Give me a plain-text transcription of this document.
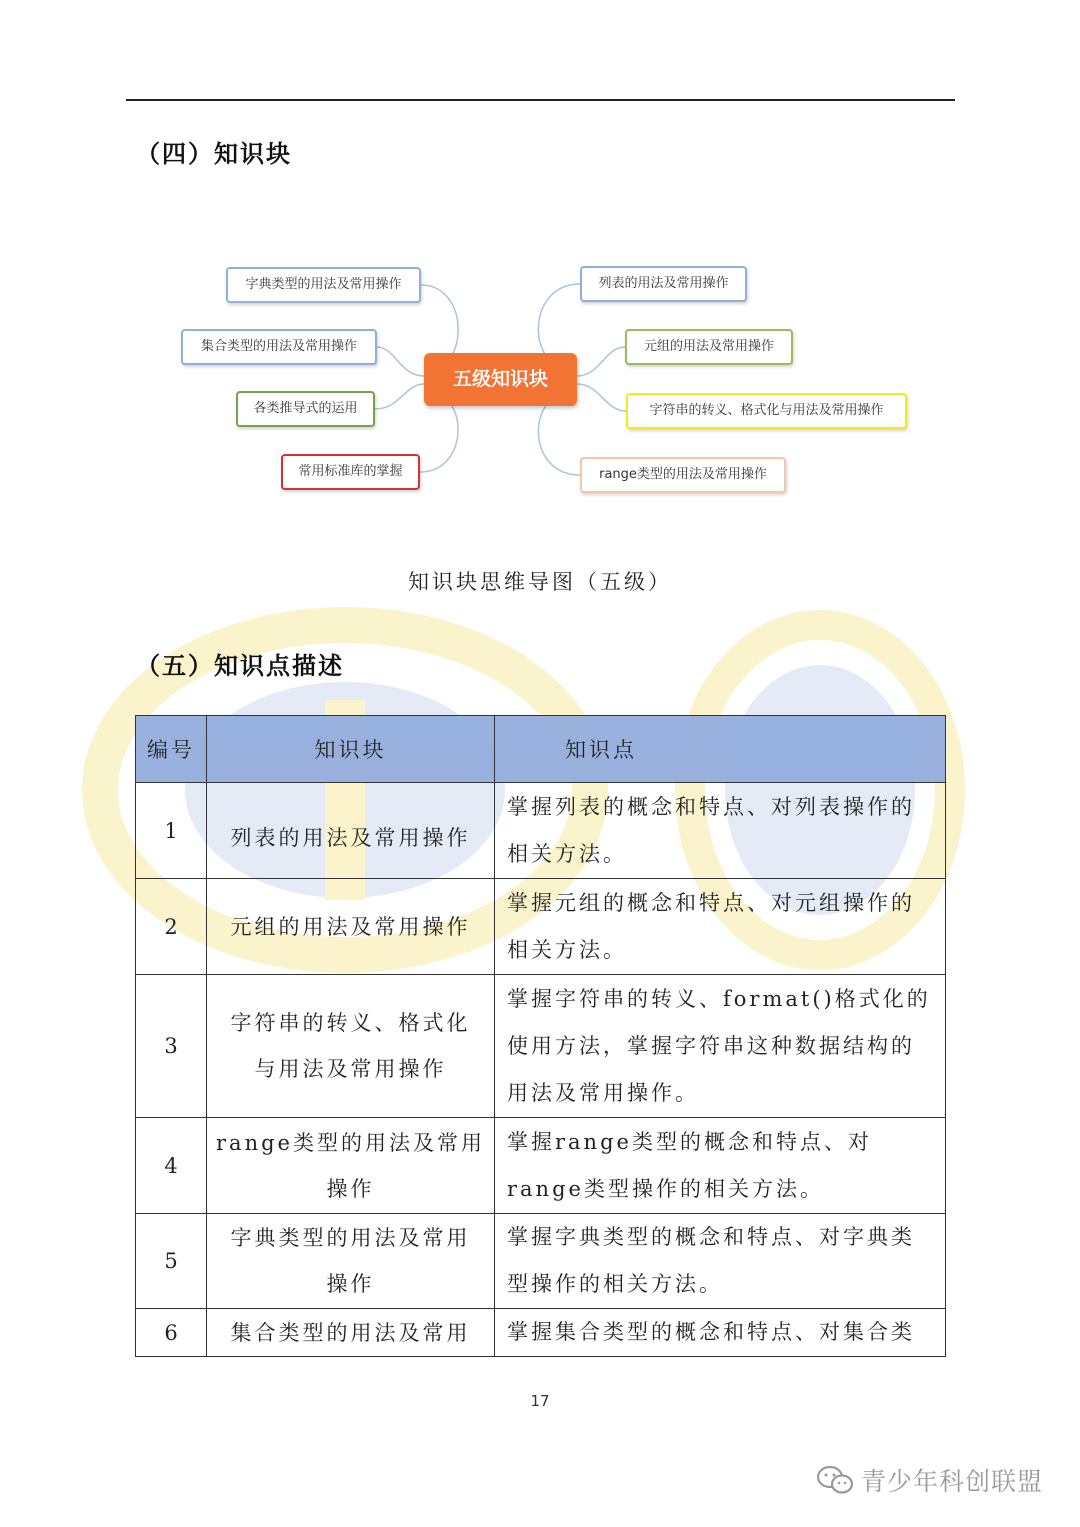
（四）知识块
五级知识块
字典类型的用法及常用操作
集合类型的用法及常用操作
各类推导式的运用
常用标准库的掌握
列表的用法及常用操作
元组的用法及常用操作
字符串的转义、格式化与用法及常用操作
range类型的用法及常用操作
知识块思维导图（五级）
（五）知识点描述
编号	知识块	知识点
1	列表的用法及常用操作	掌握列表的概念和特点、对列表操作的相关方法。
2	元组的用法及常用操作	掌握元组的概念和特点、对元组操作的相关方法。
3	字符串的转义、格式化与用法及常用操作	掌握字符串的转义、format()格式化的使用方法，掌握字符串这种数据结构的用法及常用操作。
4	range类型的用法及常用操作	掌握range类型的概念和特点、对range类型操作的相关方法。
5	字典类型的用法及常用操作	掌握字典类型的概念和特点、对字典类型操作的相关方法。
6	集合类型的用法及常用	掌握集合类型的概念和特点、对集合类
17
青少年科创联盟
